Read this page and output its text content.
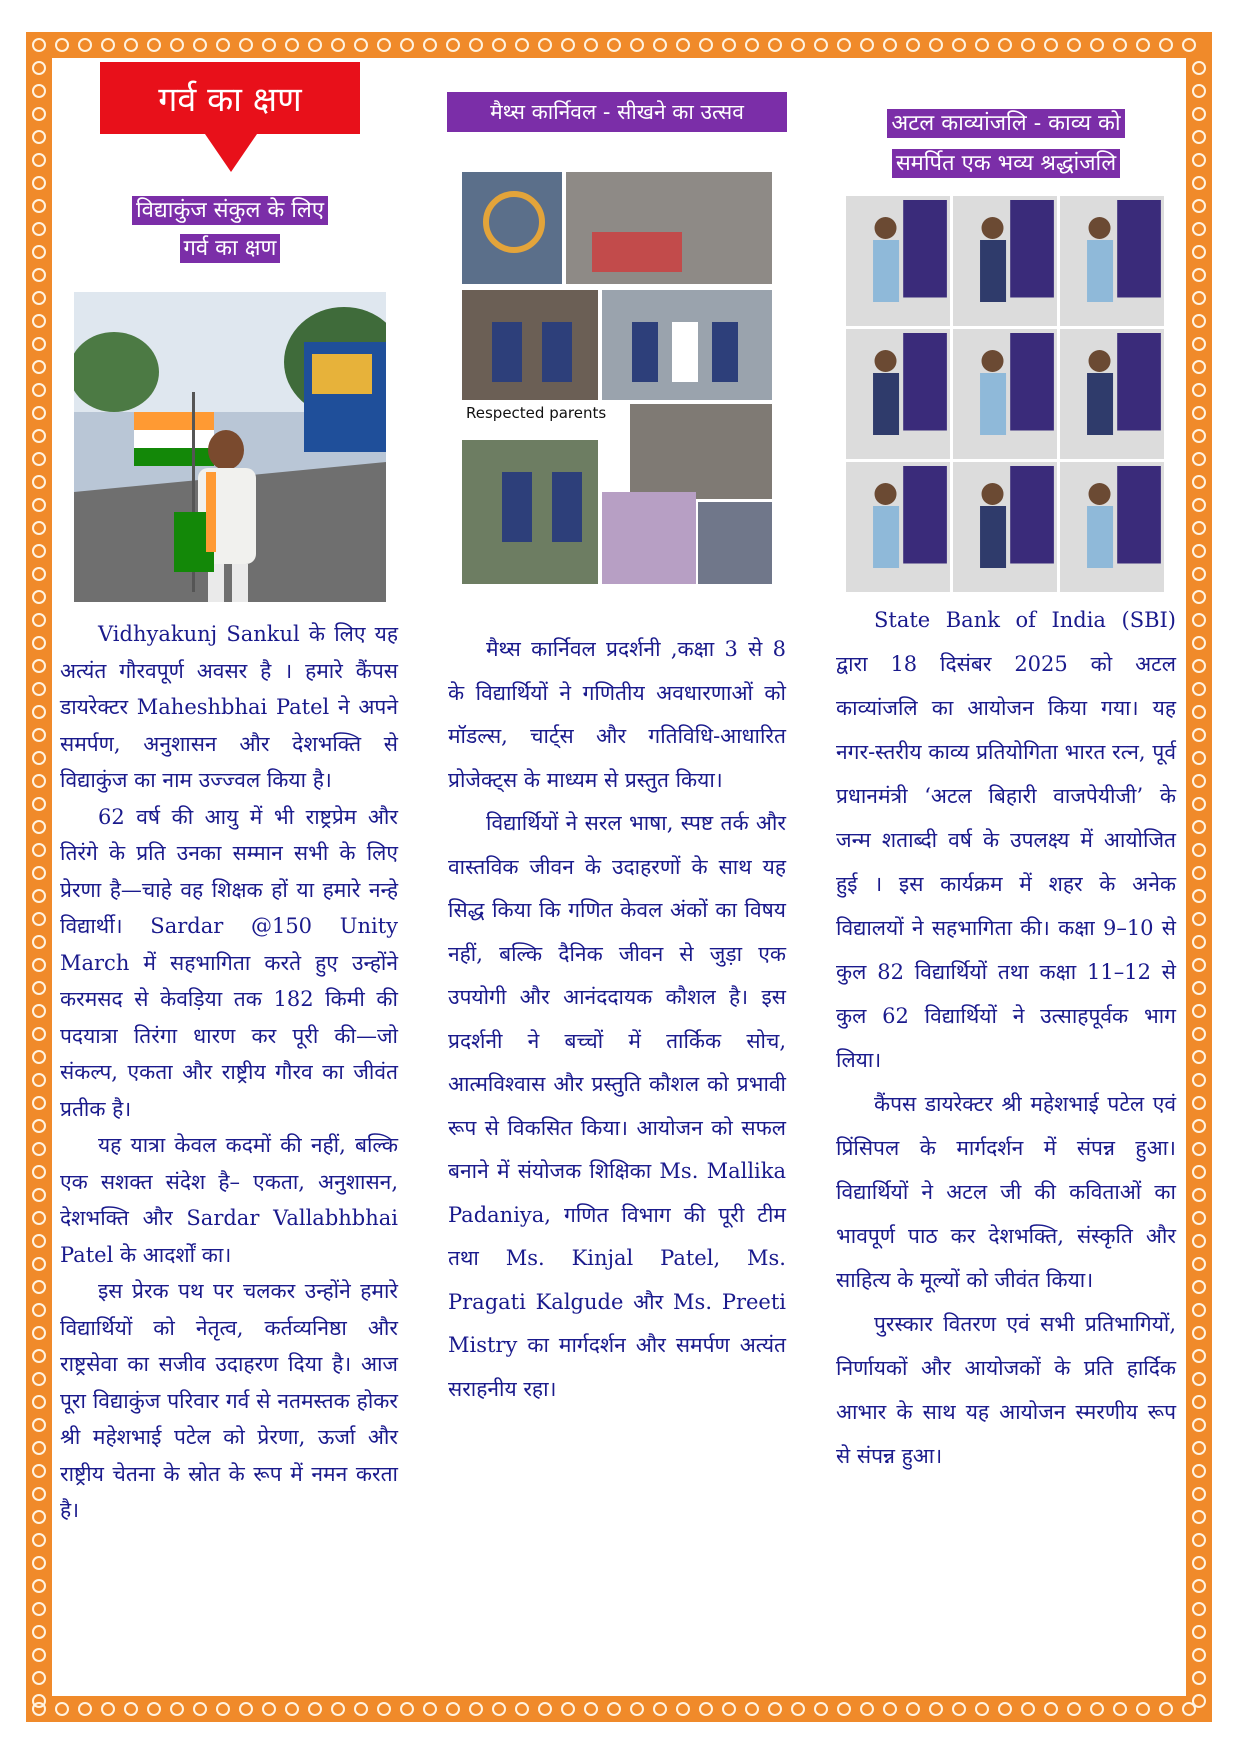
गर्व का क्षण
विद्याकुंज संकुल के लिए
गर्व का क्षण

Vidhyakunj Sankul के लिए यह अत्यंत गौरवपूर्ण अवसर है । हमारे कैंपस डायरेक्टर Maheshbhai Patel ने अपने समर्पण, अनुशासन और देशभक्ति से विद्याकुंज का नाम उज्ज्वल किया है।

62 वर्ष की आयु में भी राष्ट्रप्रेम और तिरंगे के प्रति उनका सम्मान सभी के लिए प्रेरणा है—चाहे वह शिक्षक हों या हमारे नन्हे विद्यार्थी। Sardar @150 Unity March में सहभागिता करते हुए उन्होंने करमसद से केवड़िया तक 182 किमी की पदयात्रा तिरंगा धारण कर पूरी की—जो संकल्प, एकता और राष्ट्रीय गौरव का जीवंत प्रतीक है।

यह यात्रा केवल कदमों की नहीं, बल्कि एक सशक्त संदेश है– एकता, अनुशासन, देशभक्ति और Sardar Vallabhbhai Patel के आदर्शों का।

इस प्रेरक पथ पर चलकर उन्होंने हमारे विद्यार्थियों को नेतृत्व, कर्तव्यनिष्ठा और राष्ट्रसेवा का सजीव उदाहरण दिया है। आज पूरा विद्याकुंज परिवार गर्व से नतमस्तक होकर श्री महेशभाई पटेल को प्रेरणा, ऊर्जा और राष्ट्रीय चेतना के स्रोत के रूप में नमन करता है।

मैथ्स कार्निवल - सीखने का उत्सव
Respected parents

मैथ्स कार्निवल प्रदर्शनी ,कक्षा 3 से 8 के विद्यार्थियों ने गणितीय अवधारणाओं को मॉडल्स, चार्ट्स और गतिविधि-आधारित प्रोजेक्ट्स के माध्यम से प्रस्तुत किया।

विद्यार्थियों ने सरल भाषा, स्पष्ट तर्क और वास्तविक जीवन के उदाहरणों के साथ यह सिद्ध किया कि गणित केवल अंकों का विषय नहीं, बल्कि दैनिक जीवन से जुड़ा एक उपयोगी और आनंददायक कौशल है। इस प्रदर्शनी ने बच्चों में तार्किक सोच, आत्मविश्वास और प्रस्तुति कौशल को प्रभावी रूप से विकसित किया। आयोजन को सफल बनाने में संयोजक शिक्षिका Ms. Mallika Padaniya, गणित विभाग की पूरी टीम तथा Ms. Kinjal Patel, Ms. Pragati Kalgude और Ms. Preeti Mistry का मार्गदर्शन और समर्पण अत्यंत सराहनीय रहा।

अटल काव्यांजलि - काव्य को
समर्पित एक भव्य श्रद्धांजलि

State Bank of India (SBI) द्वारा 18 दिसंबर 2025 को अटल काव्यांजलि का आयोजन किया गया। यह नगर-स्तरीय काव्य प्रतियोगिता भारत रत्न, पूर्व प्रधानमंत्री ‘अटल बिहारी वाजपेयीजी’ के जन्म शताब्दी वर्ष के उपलक्ष्य में आयोजित हुई । इस कार्यक्रम में शहर के अनेक विद्यालयों ने सहभागिता की। कक्षा 9–10 से कुल 82 विद्यार्थियों तथा कक्षा 11–12 से कुल 62 विद्यार्थियों ने उत्साहपूर्वक भाग लिया।

कैंपस डायरेक्टर श्री महेशभाई पटेल एवं प्रिंसिपल के मार्गदर्शन में संपन्न हुआ। विद्यार्थियों ने अटल जी की कविताओं का भावपूर्ण पाठ कर देशभक्ति, संस्कृति और साहित्य के मूल्यों को जीवंत किया।

पुरस्कार वितरण एवं सभी प्रतिभागियों, निर्णायकों और आयोजकों के प्रति हार्दिक आभार के साथ यह आयोजन स्मरणीय रूप से संपन्न हुआ।
